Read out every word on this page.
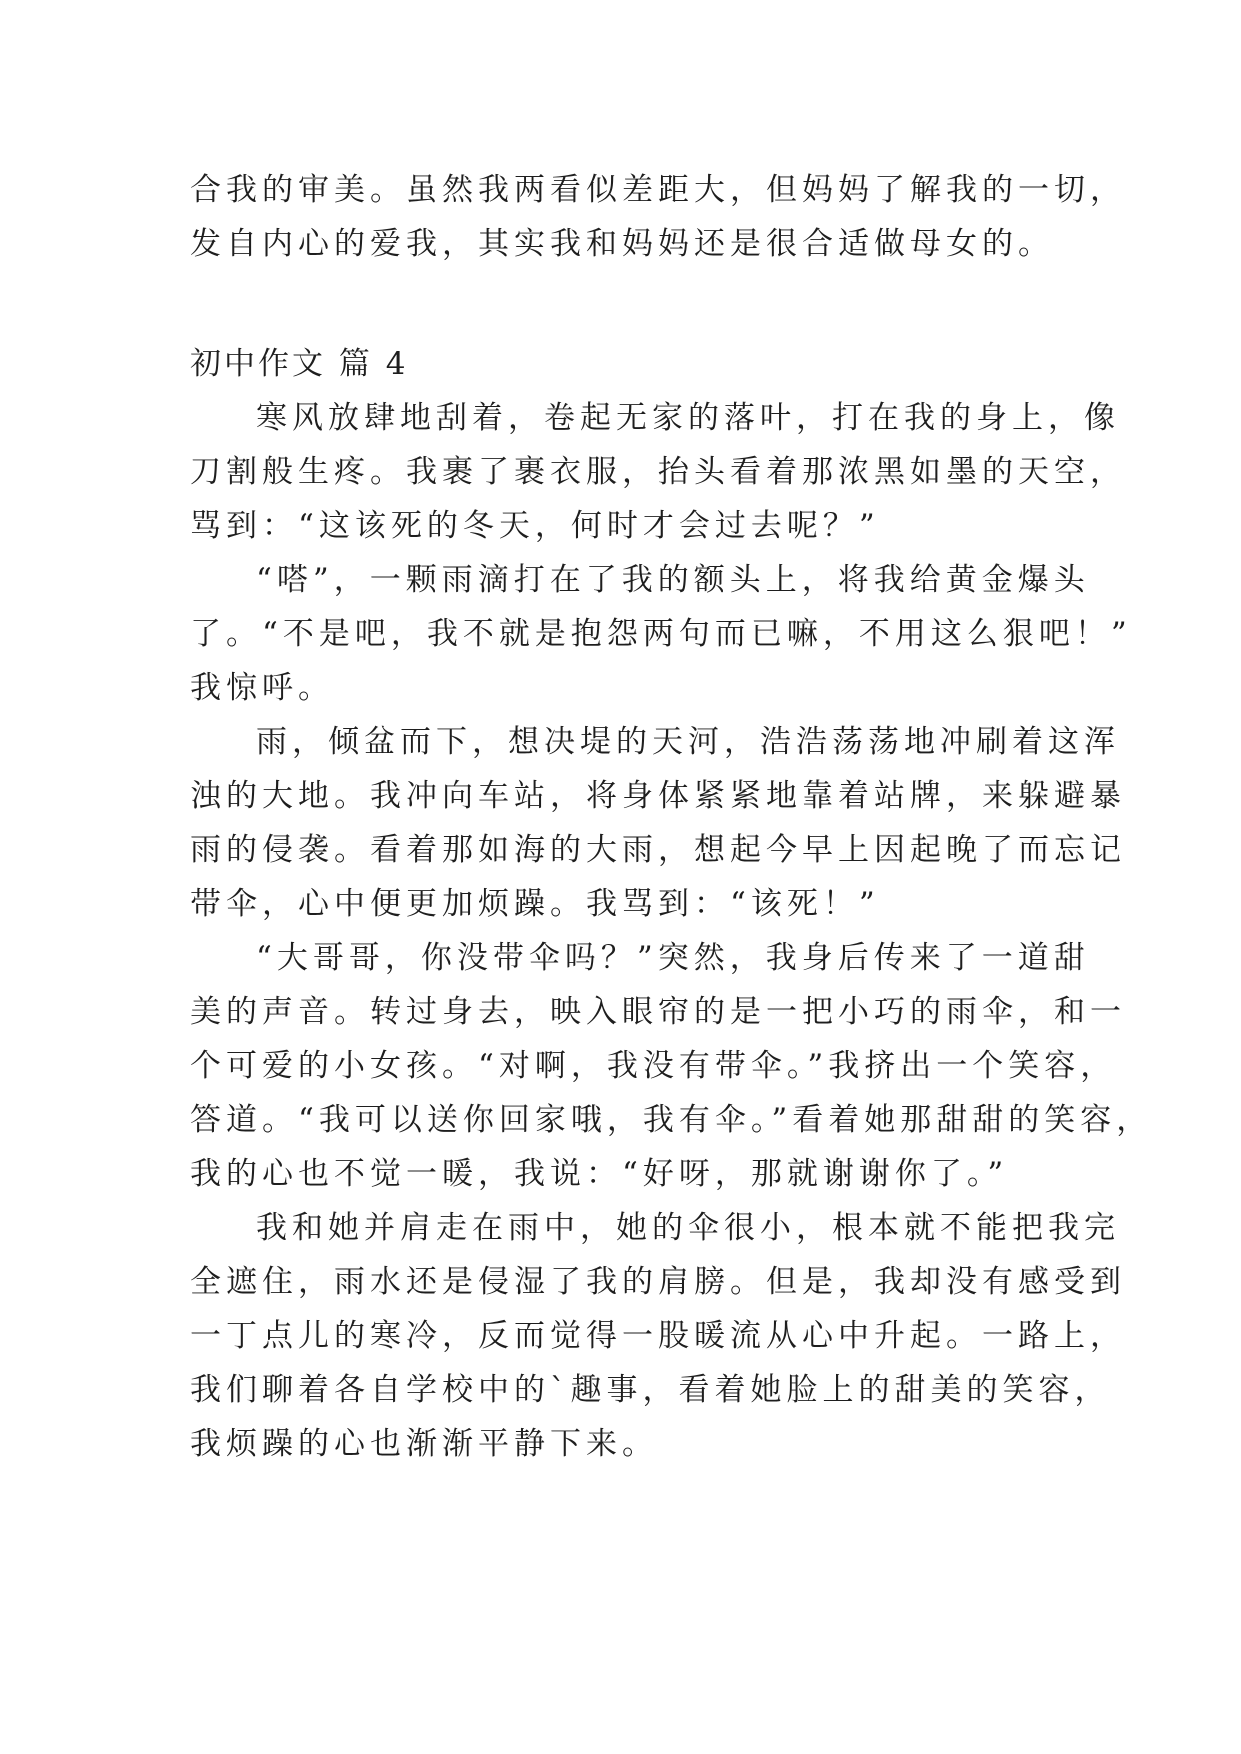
合我的审美。虽然我两看似差距大，但妈妈了解我的一切，
发自内心的爱我，其实我和妈妈还是很合适做母女的。
初中作文 篇 4
寒风放肆地刮着，卷起无家的落叶，打在我的身上，像
刀割般生疼。我裹了裹衣服，抬头看着那浓黑如墨的天空，
骂到：“这该死的冬天，何时才会过去呢？”
“嗒”，一颗雨滴打在了我的额头上，将我给黄金爆头
了。“不是吧，我不就是抱怨两句而已嘛，不用这么狠吧！”
我惊呼。
雨，倾盆而下，想决堤的天河，浩浩荡荡地冲刷着这浑
浊的大地。我冲向车站，将身体紧紧地靠着站牌，来躲避暴
雨的侵袭。看着那如海的大雨，想起今早上因起晚了而忘记
带伞，心中便更加烦躁。我骂到：“该死！”
“大哥哥，你没带伞吗？”突然，我身后传来了一道甜
美的声音。转过身去，映入眼帘的是一把小巧的雨伞，和一
个可爱的小女孩。“对啊，我没有带伞。”我挤出一个笑容，
答道。“我可以送你回家哦，我有伞。”看着她那甜甜的笑容，
我的心也不觉一暖，我说：“好呀，那就谢谢你了。”
我和她并肩走在雨中，她的伞很小，根本就不能把我完
全遮住，雨水还是侵湿了我的肩膀。但是，我却没有感受到
一丁点儿的寒冷，反而觉得一股暖流从心中升起。一路上，
我们聊着各自学校中的`趣事，看着她脸上的甜美的笑容，
我烦躁的心也渐渐平静下来。
